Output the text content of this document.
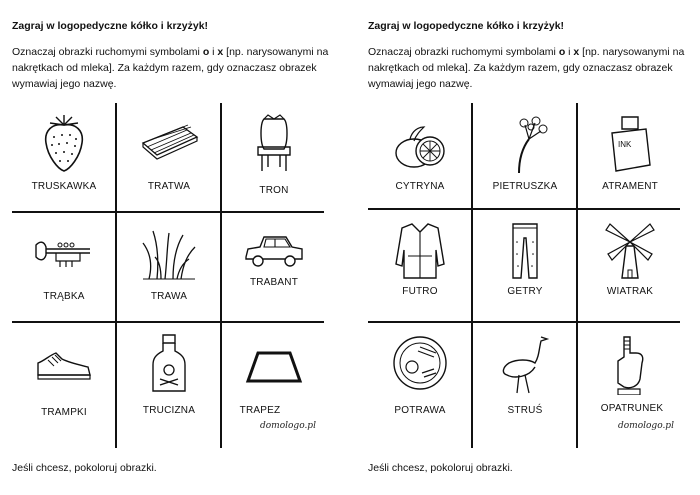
Zagraj w logopedyczne kółko i krzyżyk!
Oznaczaj obrazki ruchomymi symbolami o i x [np. narysowanymi na nakrętkach od mleka]. Za każdym razem, gdy oznaczasz obrazek wymawiaj jego nazwę.
TRUSKAWKA	TRATWA	TRON
TRĄBKA	TRAWA
TRABANT
TRAMPKI	TRUCIZNA	TRAPEZ
domologo.pl
Jeśli chcesz, pokoloruj obrazki.
Zagraj w logopedyczne kółko i krzyżyk!
Oznaczaj obrazki ruchomymi symbolami o i x [np. narysowanymi na nakrętkach od mleka]. Za każdym razem, gdy oznaczasz obrazek wymawiaj jego nazwę.
CYTRYNA	PIETRUSZKA
INK
ATRAMENT
FUTRO	GETRY	WIATRAK
POTRAWA	STRUŚ	OPATRUNEK
domologo.pl
Jeśli chcesz, pokoloruj obrazki.
